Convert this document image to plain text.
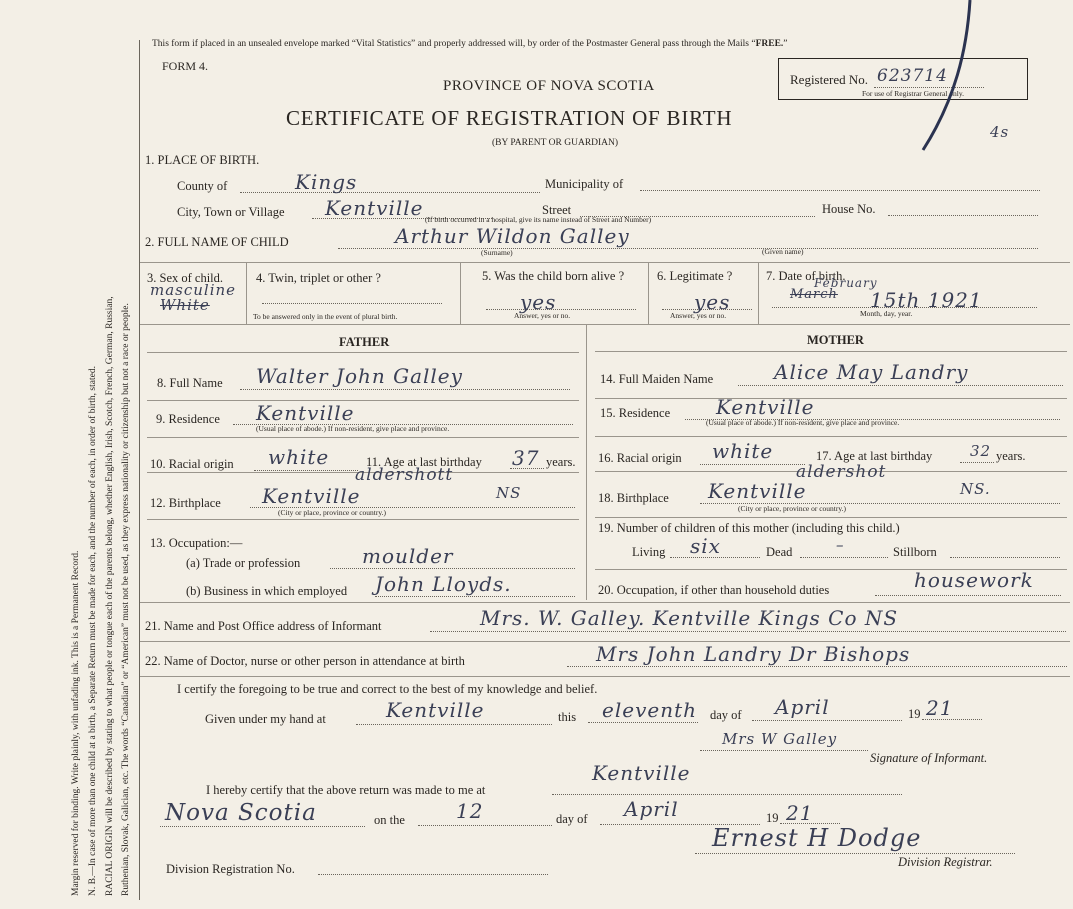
Margin reserved for binding. Write plainly, with unfading ink. This is a Permanent Record. N. B.—In case of more than one child at a birth, a Separate Return must be made for each, and the number of each, in order of birth, stated. RACIAL ORIGIN will be described by stating to what people or tongue each of the parents belong, whether English, Irish, Scotch, French, German, Russian, Ruthenian, Slovak, Galician, etc. The words “Canadian” or “American” must not be used, as they express nationality or citizenship but not a race or people.
This form if placed in an unsealed envelope marked “Vital Statistics” and properly addressed will, by order of the Postmaster General pass through the Mails “FREE.”
FORM 4.
PROVINCE OF NOVA SCOTIA
CERTIFICATE OF REGISTRATION OF BIRTH
(BY PARENT OR GUARDIAN)
Registered No. 623714
For use of Registrar General only.
4s
1. PLACE OF BIRTH.
County of	Kings	Municipality of
City, Town or Village Kentville	Street	House No.
(If birth occurred in a hospital, give its name instead of Street and Number)
2. FULL NAME OF CHILD	Arthur Wildon Galley
(Surname)	(Given name)
3. Sex of child.
masculine
White
4. Twin, triplet or other ?
To be answered only in the event of plural birth.
5. Was the child born alive ?
yes
Answer, yes or no.
6. Legitimate ?
yes
Answer, yes or no.
7. Date of birth.
February
March 15th 1921
Month, day, year.
FATHER	MOTHER
8. Full Name Walter John Galley
9. Residence Kentville
(Usual place of abode.) If non-resident, give place and province.
10. Racial origin white	11. Age at last birthday 37 years.
aldershott
12. Birthplace Kentville	NS
(City or place, province or country.)
13. Occupation:—
(a) Trade or profession	moulder
(b) Business in which employed John Lloyds.
14. Full Maiden Name	Alice May Landry
15. Residence Kentville
(Usual place of abode.) If non-resident, give place and province.
16. Racial origin white	17. Age at last birthday	32 years.
aldershot
18. Birthplace Kentville	NS.
(City or place, province or country.)
19. Number of children of this mother (including this child.)
Living six	Dead	–	Stillborn
20. Occupation, if other than household duties	housework
21. Name and Post Office address of Informant	Mrs. W. Galley. Kentville Kings Co NS
22. Name of Doctor, nurse or other person in attendance at birth	Mrs John Landry Dr Bishops
I certify the foregoing to be true and correct to the best of my knowledge and belief.
Given under my hand at	Kentville	this eleventh day of April	19 21
Mrs W Galley
Signature of Informant.
I hereby certify that the above return was made to me at
Kentville
Nova Scotia	on the	12	day of April	19 21
Ernest H Dodge
Division Registrar.
Division Registration No.
